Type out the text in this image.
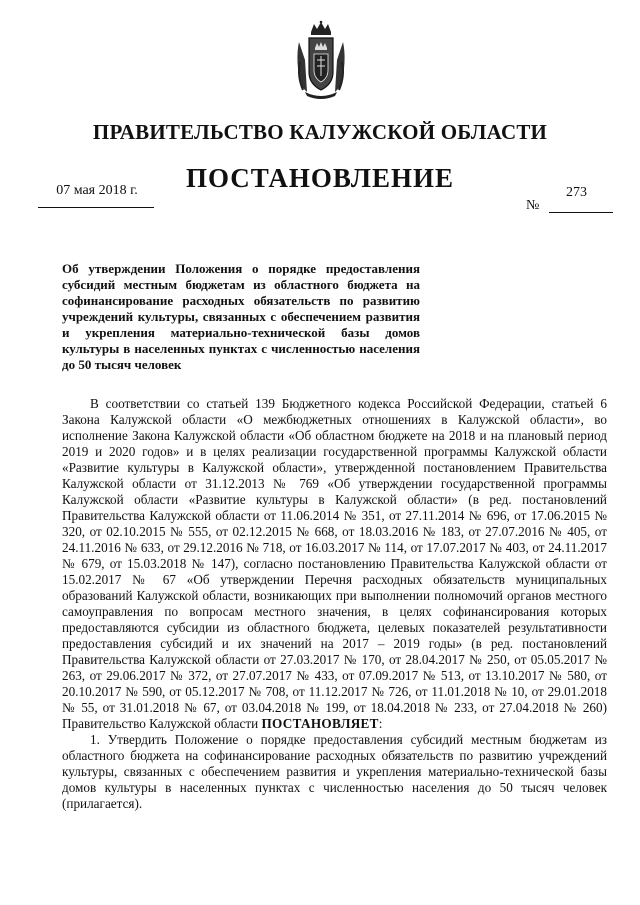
ПРАВИТЕЛЬСТВО КАЛУЖСКОЙ ОБЛАСТИ
ПОСТАНОВЛЕНИЕ
07 мая 2018 г.	273
№
Об утверждении Положения о порядке предоставления субсидий местным бюджетам из областного бюджета на софинансирование расходных обязательств по развитию учреждений культуры, связанных с обеспечением развития и укрепления материально-технической базы домов культуры в населенных пунктах с численностью населения до 50 тысяч человек

В соответствии со статьей 139 Бюджетного кодекса Российской Федерации, статьей 6 Закона Калужской области «О межбюджетных отношениях в Калужской области», во исполнение Закона Калужской области «Об областном бюджете на 2018 и на плановый период 2019 и 2020 годов» и в целях реализации государственной программы Калужской области «Развитие культуры в Калужской области», утвержденной постановлением Правительства Калужской области от 31.12.2013 № 769 «Об утверждении государственной программы Калужской области «Развитие культуры в Калужской области» (в ред. постановлений Правительства Калужской области от 11.06.2014 № 351, от 27.11.2014 № 696, от 17.06.2015 № 320, от 02.10.2015 № 555, от 02.12.2015 № 668, от 18.03.2016 № 183, от 27.07.2016 № 405, от 24.11.2016 № 633, от 29.12.2016 № 718, от 16.03.2017 № 114, от 17.07.2017 № 403, от 24.11.2017 № 679, от 15.03.2018 № 147), согласно постановлению Правительства Калужской области от 15.02.2017 № 67 «Об утверждении Перечня расходных обязательств муниципальных образований Калужской области, возникающих при выполнении полномочий органов местного самоуправления по вопросам местного значения, в целях софинансирования которых предоставляются субсидии из областного бюджета, целевых показателей результативности предоставления субсидий и их значений на 2017 – 2019 годы» (в ред. постановлений Правительства Калужской области от 27.03.2017 № 170, от 28.04.2017 № 250, от 05.05.2017 № 263, от 29.06.2017 № 372, от 27.07.2017 № 433, от 07.09.2017 № 513, от 13.10.2017 № 580, от 20.10.2017 № 590, от 05.12.2017 № 708, от 11.12.2017 № 726, от 11.01.2018 № 10, от 29.01.2018 № 55, от 31.01.2018 № 67, от 03.04.2018 № 199, от 18.04.2018 № 233, от 27.04.2018 № 260) Правительство Калужской области ПОСТАНОВЛЯЕТ:

1. Утвердить Положение о порядке предоставления субсидий местным бюджетам из областного бюджета на софинансирование расходных обязательств по развитию учреждений культуры, связанных с обеспечением развития и укрепления материально-технической базы домов культуры в населенных пунктах с численностью населения до 50 тысяч человек (прилагается).
